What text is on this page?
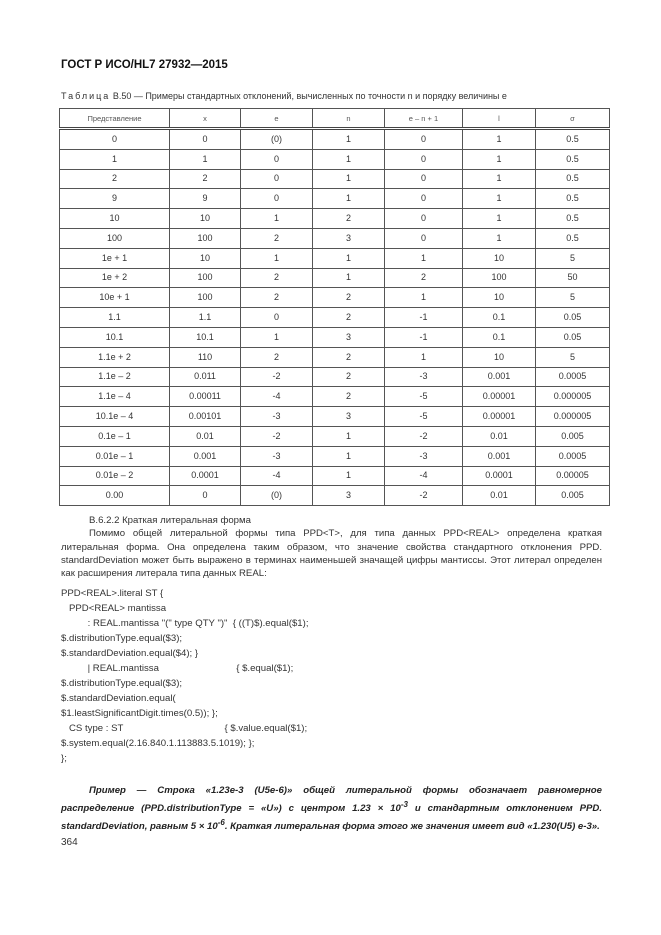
ГОСТ Р ИСО/HL7 27932—2015
Таблица В.50 — Примеры стандартных отклонений, вычисленных по точности n и порядку величины e
Представление	x	e	n	e – n + 1	l	σ
0	0	(0)	1	0	1	0.5
1	1	0	1	0	1	0.5
2	2	0	1	0	1	0.5
9	9	0	1	0	1	0.5
10	10	1	2	0	1	0.5
100	100	2	3	0	1	0.5
1e + 1	10	1	1	1	10	5
1e + 2	100	2	1	2	100	50
10e + 1	100	2	2	1	10	5
1.1	1.1	0	2	-1	0.1	0.05
10.1	10.1	1	3	-1	0.1	0.05
1.1e + 2	110	2	2	1	10	5
1.1e – 2	0.011	-2	2	-3	0.001	0.0005
1.1e – 4	0.00011	-4	2	-5	0.00001	0.000005
10.1e – 4	0.00101	-3	3	-5	0.00001	0.000005
0.1e – 1	0.01	-2	1	-2	0.01	0.005
0.01e – 1	0.001	-3	1	-3	0.001	0.0005
0.01e – 2	0.0001	-4	1	-4	0.0001	0.00005
0.00	0	(0)	3	-2	0.01	0.005

В.6.2.2 Краткая литеральная форма

Помимо общей литеральной формы типа PPD<T>, для типа данных PPD<REAL> определена краткая литеральная форма. Она определена таким образом, что значение свойства стандартного отклонения PPD. standardDeviation может быть выражено в терминах наименьшей значащей цифры мантиссы. Этот литерал определен как расширения литерала типа данных REAL:

PPD<REAL>.literal ST {
PPD<REAL> mantissa
: REAL.mantissa "(" type QTY ")"  { ((T)$).equal($1);
$.distributionType.equal($3);
$.standardDeviation.equal($4); }
| REAL.mantissa                             { $.equal($1);
$.distributionType.equal($3);
$.standardDeviation.equal(
$1.leastSignificantDigit.times(0.5)); };
CS type : ST                                      { $.value.equal($1);
$.system.equal(2.16.840.1.113883.5.1019); };
};

Пример — Строка «1.23e-3 (U5e-6)» общей литеральной формы обозначает равномерное распределение (PPD.distributionType = «U») с центром $1.23 \times 10^{-3}$ и стандартным отклонением PPD. standardDeviation, равным $5 \times 10^{-6}$. Краткая литеральная форма этого же значения имеет вид «1.230(U5) e-3».

364
